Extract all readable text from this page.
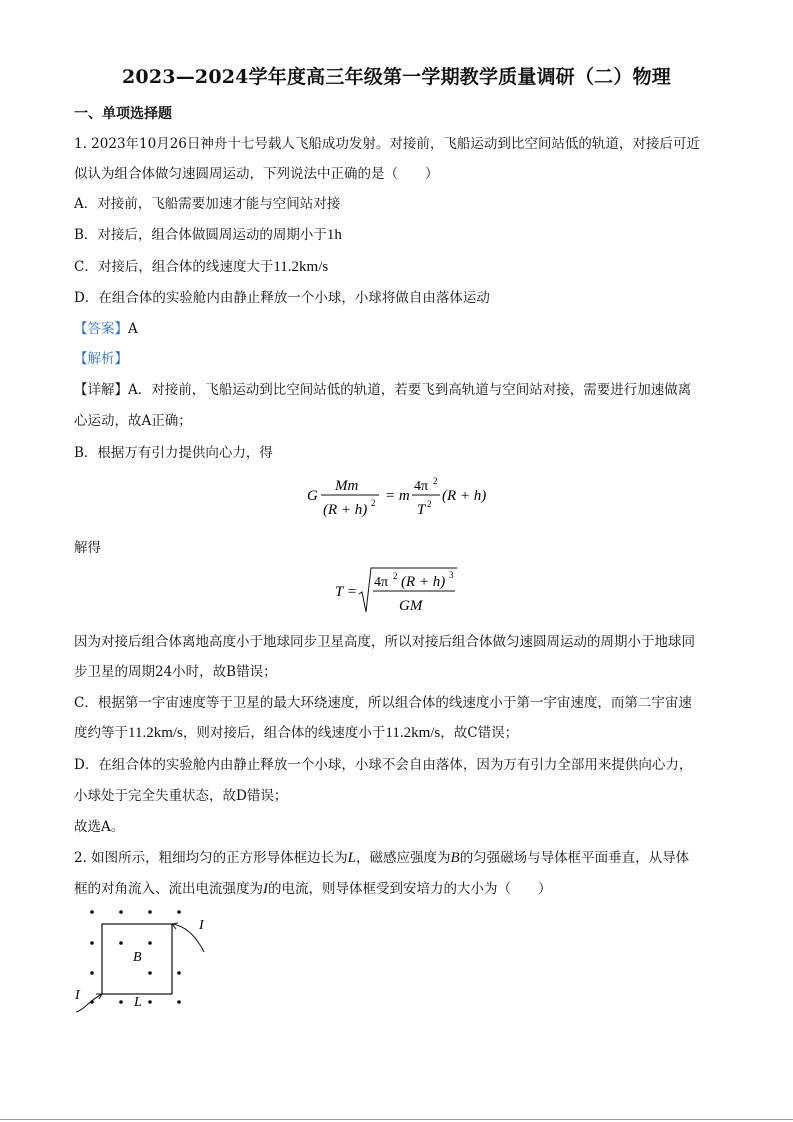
2023—2024学年度高三年级第一学期教学质量调研（二）物理
一、单项选择题
1. 2023年10月26日神舟十七号载人飞船成功发射。对接前，飞船运动到比空间站低的轨道，对接后可近
似认为组合体做匀速圆周运动，下列说法中正确的是（　　）
A．对接前，飞船需要加速才能与空间站对接
B．对接后，组合体做圆周运动的周期小于1h
C．对接后，组合体的线速度大于11.2km/s
D．在组合体的实验舱内由静止释放一个小球，小球将做自由落体运动
【答案】A
【解析】
【详解】A．对接前，飞船运动到比空间站低的轨道，若要飞到高轨道与空间站对接，需要进行加速做离
心运动，故A正确；
B．根据万有引力提供向心力，得
G
Mm
(R + h) 2 = m
4π 2
T 2 (R + h)
解得
T =
4π 2 (R + h) 3
GM
因为对接后组合体离地高度小于地球同步卫星高度，所以对接后组合体做匀速圆周运动的周期小于地球同
步卫星的周期24小时，故B错误；
C．根据第一宇宙速度等于卫星的最大环绕速度，所以组合体的线速度小于第一宇宙速度，而第二宇宙速
度约等于11.2km/s，则对接后，组合体的线速度小于11.2km/s，故C错误；
D．在组合体的实验舱内由静止释放一个小球，小球不会自由落体，因为万有引力全部用来提供向心力，
小球处于完全失重状态，故D错误；
故选A。
2. 如图所示，粗细均匀的正方形导体框边长为L，磁感应强度为B的匀强磁场与导体框平面垂直，从导体
框的对角流入、流出电流强度为I的电流，则导体框受到安培力的大小为（　　）
B
L
I
I
